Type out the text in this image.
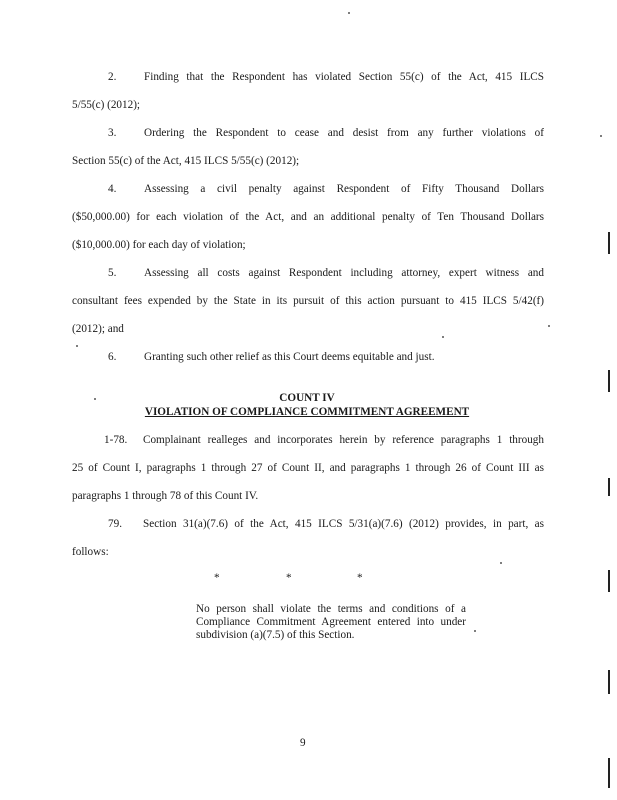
2. Finding that the Respondent has violated Section 55(c) of the Act, 415 ILCS
5/55(c) (2012);
3. Ordering the Respondent to cease and desist from any further violations of
Section 55(c) of the Act, 415 ILCS 5/55(c) (2012);
4. Assessing a civil penalty against Respondent of Fifty Thousand Dollars
($50,000.00) for each violation of the Act, and an additional penalty of Ten Thousand Dollars
($10,000.00) for each day of violation;
5. Assessing all costs against Respondent including attorney, expert witness and
consultant fees expended by the State in its pursuit of this action pursuant to 415 ILCS 5/42(f)
(2012); and
6. Granting such other relief as this Court deems equitable and just.
COUNT IV
VIOLATION OF COMPLIANCE COMMITMENT AGREEMENT
1-78. Complainant realleges and incorporates herein by reference paragraphs 1 through
25 of Count I, paragraphs 1 through 27 of Count II, and paragraphs 1 through 26 of Count III as
paragraphs 1 through 78 of this Count IV.
79. Section 31(a)(7.6) of the Act, 415 ILCS 5/31(a)(7.6) (2012) provides, in part, as
follows:
*	*	*
No person shall violate the terms and conditions of a Compliance Commitment Agreement entered into under subdivision (a)(7.5) of this Section.
9
